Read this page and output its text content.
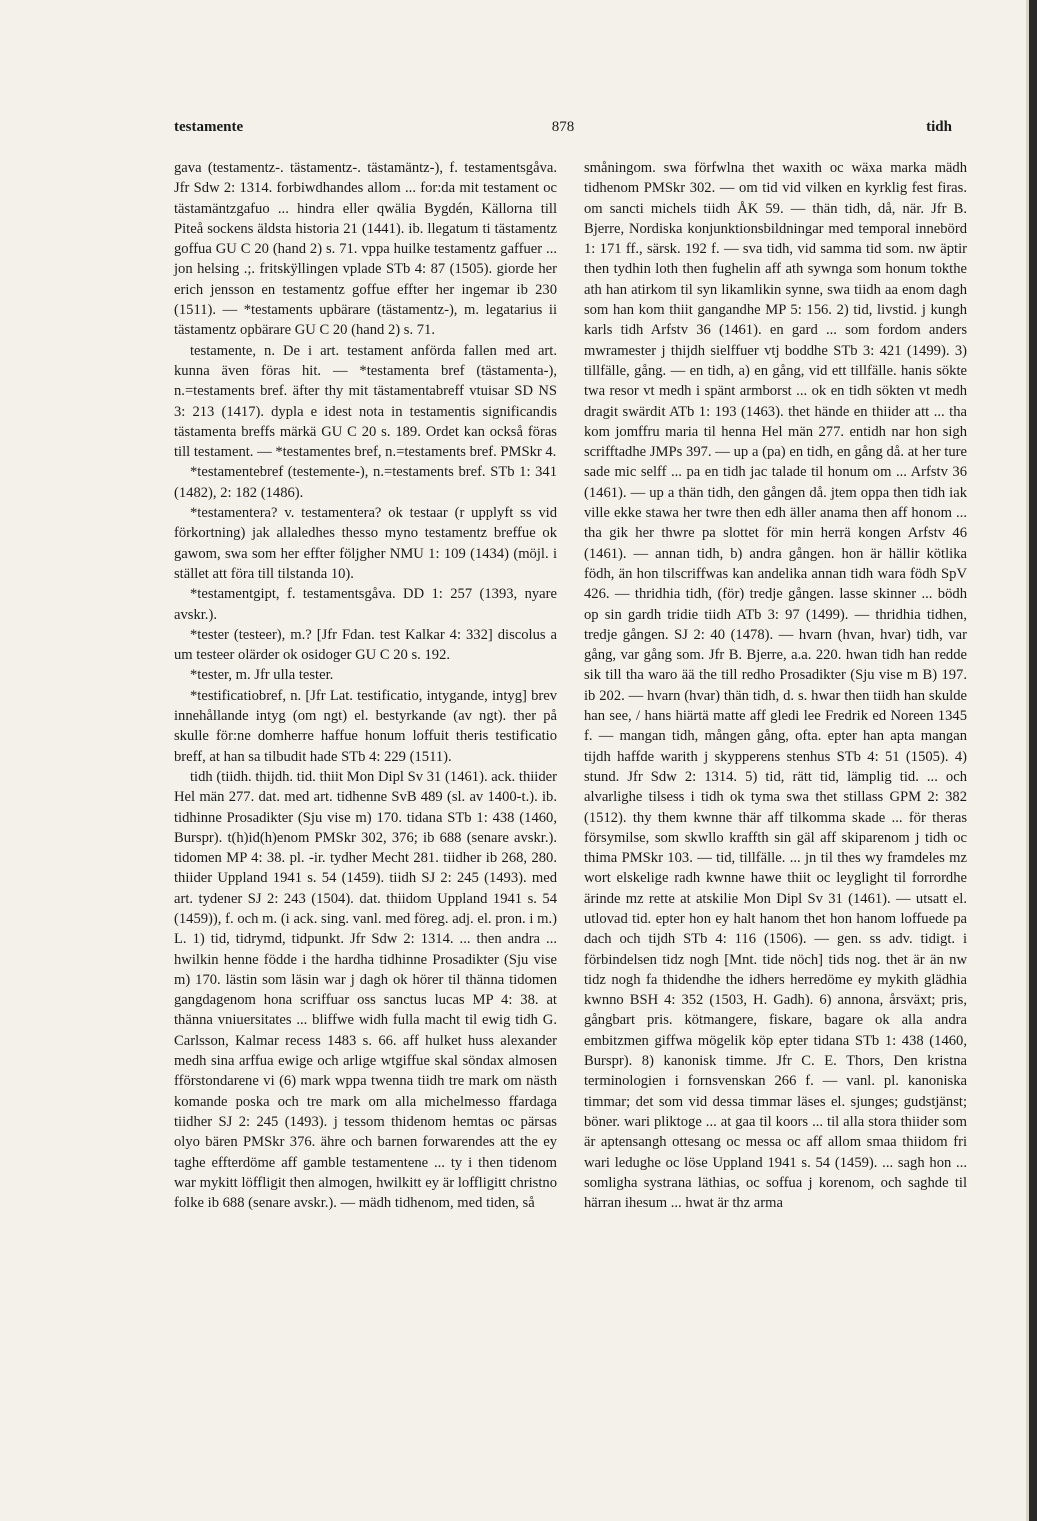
testamente	878	tidh

gava (testamentz-. tästamentz-. tästamäntz-), f. testamentsgåva. Jfr Sdw 2: 1314. forbiwdhandes allom ... for:da mit testament oc tästamäntzgafuo ... hindra eller qwälia Bygdén, Källorna till Piteå sockens äldsta historia 21 (1441). ib. llegatum ti tästamentz goffua GU C 20 (hand 2) s. 71. vppa huilke testamentz gaffuer ... jon helsing .;. fritskÿllingen vplade STb 4: 87 (1505). giorde her erich jensson en testamentz goffue effter her ingemar ib 230 (1511). — *testaments upbärare (tästamentz-), m. legatarius ii tästamentz opbärare GU C 20 (hand 2) s. 71.

testamente, n. De i art. testament anförda fallen med art. kunna även föras hit. — *testamenta bref (tästamenta-), n.=testaments bref. äfter thy mit tästamentabreff vtuisar SD NS 3: 213 (1417). dypla e idest nota in testamentis significandis tästamenta breffs märkä GU C 20 s. 189. Ordet kan också föras till testament. — *testamentes bref, n.=testaments bref. PMSkr 4.

*testamentebref (testemente-), n.=testaments bref. STb 1: 341 (1482), 2: 182 (1486).

*testamentera? v. testamentera? ok testaar (r upplyft ss vid förkortning) jak allaledhes thesso myno testamentz breffue ok gawom, swa som her effter följgher NMU 1: 109 (1434) (möjl. i stället att föra till tilstanda 10).

*testamentgipt, f. testamentsgåva. DD 1: 257 (1393, nyare avskr.).

*tester (testeer), m.? [Jfr Fdan. test Kalkar 4: 332] discolus a um testeer olärder ok osidoger GU C 20 s. 192.

*tester, m. Jfr ulla tester.

*testificatiobref, n. [Jfr Lat. testificatio, intygande, intyg] brev innehållande intyg (om ngt) el. bestyrkande (av ngt). ther på skulle för:ne domherre haffue honum loffuit theris testificatio breff, at han sa tilbudit hade STb 4: 229 (1511).

tidh (tiidh. thijdh. tid. thiit Mon Dipl Sv 31 (1461). ack. thiider Hel män 277. dat. med art. tidhenne SvB 489 (sl. av 1400-t.). ib. tidhinne Prosadikter (Sju vise m) 170. tidana STb 1: 438 (1460, Burspr). t(h)id(h)enom PMSkr 302, 376; ib 688 (senare avskr.). tidomen MP 4: 38. pl. -ir. tydher Mecht 281. tiidher ib 268, 280. thiider Uppland 1941 s. 54 (1459). tiidh SJ 2: 245 (1493). med art. tydener SJ 2: 243 (1504). dat. thiidom Uppland 1941 s. 54 (1459)), f. och m. (i ack. sing. vanl. med föreg. adj. el. pron. i m.) L. 1) tid, tidrymd, tidpunkt. Jfr Sdw 2: 1314. ... then andra ... hwilkin henne födde i the hardha tidhinne Prosadikter (Sju vise m) 170. lästin som läsin war j dagh ok hörer til thänna tidomen gangdagenom hona scriffuar oss sanctus lucas MP 4: 38. at thänna vniuersitates ... bliffwe widh fulla macht til ewig tidh G. Carlsson, Kalmar recess 1483 s. 66. aff hulket huss alexander medh sina arffua ewige och arlige wtgiffue skal söndax almosen fförstondarene vi (6) mark wppa twenna tiidh tre mark om nästh komande poska och tre mark om alla michelmesso ffardaga tiidher SJ 2: 245 (1493). j tessom thidenom hemtas oc pärsas olyo bären PMSkr 376. ähre och barnen forwarendes att the ey taghe effterdöme aff gamble testamentene ... ty i then tidenom war mykitt löffligit then almogen, hwilkitt ey är loffligitt christno folke ib 688 (senare avskr.). — mädh tidhenom, med tiden, så

småningom. swa förfwlna thet waxith oc wäxa marka mädh tidhenom PMSkr 302. — om tid vid vilken en kyrklig fest firas. om sancti michels tiidh ÅK 59. — thän tidh, då, när. Jfr B. Bjerre, Nordiska konjunktionsbildningar med temporal innebörd 1: 171 ff., särsk. 192 f. — sva tidh, vid samma tid som. nw äptir then tydhin loth then fughelin aff ath sywnga som honum tokthe ath han atirkom til syn likamlikin synne, swa tiidh aa enom dagh som han kom thiit gangandhe MP 5: 156. 2) tid, livstid. j kungh karls tidh Arfstv 36 (1461). en gard ... som fordom anders mwramester j thijdh sielffuer vtj boddhe STb 3: 421 (1499). 3) tillfälle, gång. — en tidh, a) en gång, vid ett tillfälle. hanis sökte twa resor vt medh i spänt armborst ... ok en tidh sökten vt medh dragit swärdit ATb 1: 193 (1463). thet hände en thiider att ... tha kom jomffru maria til henna Hel män 277. entidh nar hon sigh scrifftadhe JMPs 397. — up a (pa) en tidh, en gång då. at her ture sade mic selff ... pa en tidh jac talade til honum om ... Arfstv 36 (1461). — up a thän tidh, den gången då. jtem oppa then tidh iak ville ekke stawa her twre then edh äller anama then aff honom ... tha gik her thwre pa slottet för min herrä kongen Arfstv 46 (1461). — annan tidh, b) andra gången. hon är hällir kötlika födh, än hon tilscriffwas kan andelika annan tidh wara födh SpV 426. — thridhia tidh, (för) tredje gången. lasse skinner ... bödh op sin gardh tridie tiidh ATb 3: 97 (1499). — thridhia tidhen, tredje gången. SJ 2: 40 (1478). — hvarn (hvan, hvar) tidh, var gång, var gång som. Jfr B. Bjerre, a.a. 220. hwan tidh han redde sik till tha waro ää the till redho Prosadikter (Sju vise m B) 197. ib 202. — hvarn (hvar) thän tidh, d. s. hwar then tiidh han skulde han see, / hans hiärtä matte aff gledi lee Fredrik ed Noreen 1345 f. — mangan tidh, mången gång, ofta. epter han apta mangan tijdh haffde warith j skypperens stenhus STb 4: 51 (1505). 4) stund. Jfr Sdw 2: 1314. 5) tid, rätt tid, lämplig tid. ... och alvarlighe tilsess i tidh ok tyma swa thet stillass GPM 2: 382 (1512). thy them kwnne thär aff tilkomma skade ... för theras försymilse, som skwllo kraffth sin gäl aff skiparenom j tidh oc thima PMSkr 103. — tid, tillfälle. ... jn til thes wy framdeles mz wort elskelige radh kwnne hawe thiit oc leyglight til forrordhe ärinde mz rette at atskilie Mon Dipl Sv 31 (1461). — utsatt el. utlovad tid. epter hon ey halt hanom thet hon hanom loffuede pa dach och tijdh STb 4: 116 (1506). — gen. ss adv. tidigt. i förbindelsen tidz nogh [Mnt. tide nöch] tids nog. thet är än nw tidz nogh fa thidendhe the idhers herredöme ey mykith glädhia kwnno BSH 4: 352 (1503, H. Gadh). 6) annona, årsväxt; pris, gångbart pris. kötmangere, fiskare, bagare ok alla andra embitzmen giffwa mögelik köp epter tidana STb 1: 438 (1460, Burspr). 8) kanonisk timme. Jfr C. E. Thors, Den kristna terminologien i fornsvenskan 266 f. — vanl. pl. kanoniska timmar; det som vid dessa timmar läses el. sjunges; gudstjänst; böner. wari pliktoge ... at gaa til koors ... til alla stora thiider som är aptensangh ottesang oc messa oc aff allom smaa thiidom fri wari ledughe oc löse Uppland 1941 s. 54 (1459). ... sagh hon ... somligha systrana läthias, oc soffua j korenom, och saghde til härran ihesum ... hwat är thz arma
